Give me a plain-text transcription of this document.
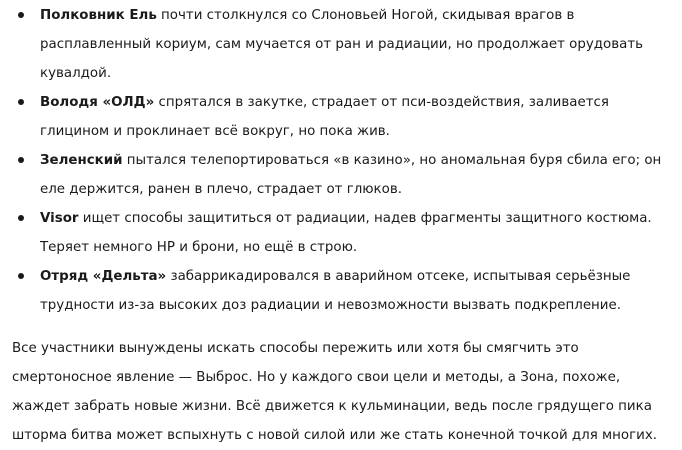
Полковник Ель почти столкнулся со Слоновьей Ногой, скидывая врагов в расплавленный кориум, сам мучается от ран и радиации, но продолжает орудовать кувалдой.
Володя «ОЛД» спрятался в закутке, страдает от пси-воздействия, заливается глицином и проклинает всё вокруг, но пока жив.
Зеленский пытался телепортироваться «в казино», но аномальная буря сбила его; он еле держится, ранен в плечо, страдает от глюков.
Visor ищет способы защититься от радиации, надев фрагменты защитного костюма. Теряет немного HP и брони, но ещё в строю.
Отряд «Дельта» забаррикадировался в аварийном отсеке, испытывая серьёзные трудности из-за высоких доз радиации и невозможности вызвать подкрепление.

Все участники вынуждены искать способы пережить или хотя бы смягчить это смертоносное явление — Выброс. Но у каждого свои цели и методы, а Зона, похоже, жаждет забрать новые жизни. Всё движется к кульминации, ведь после грядущего пика шторма битва может вспыхнуть с новой силой или же стать конечной точкой для многих.
